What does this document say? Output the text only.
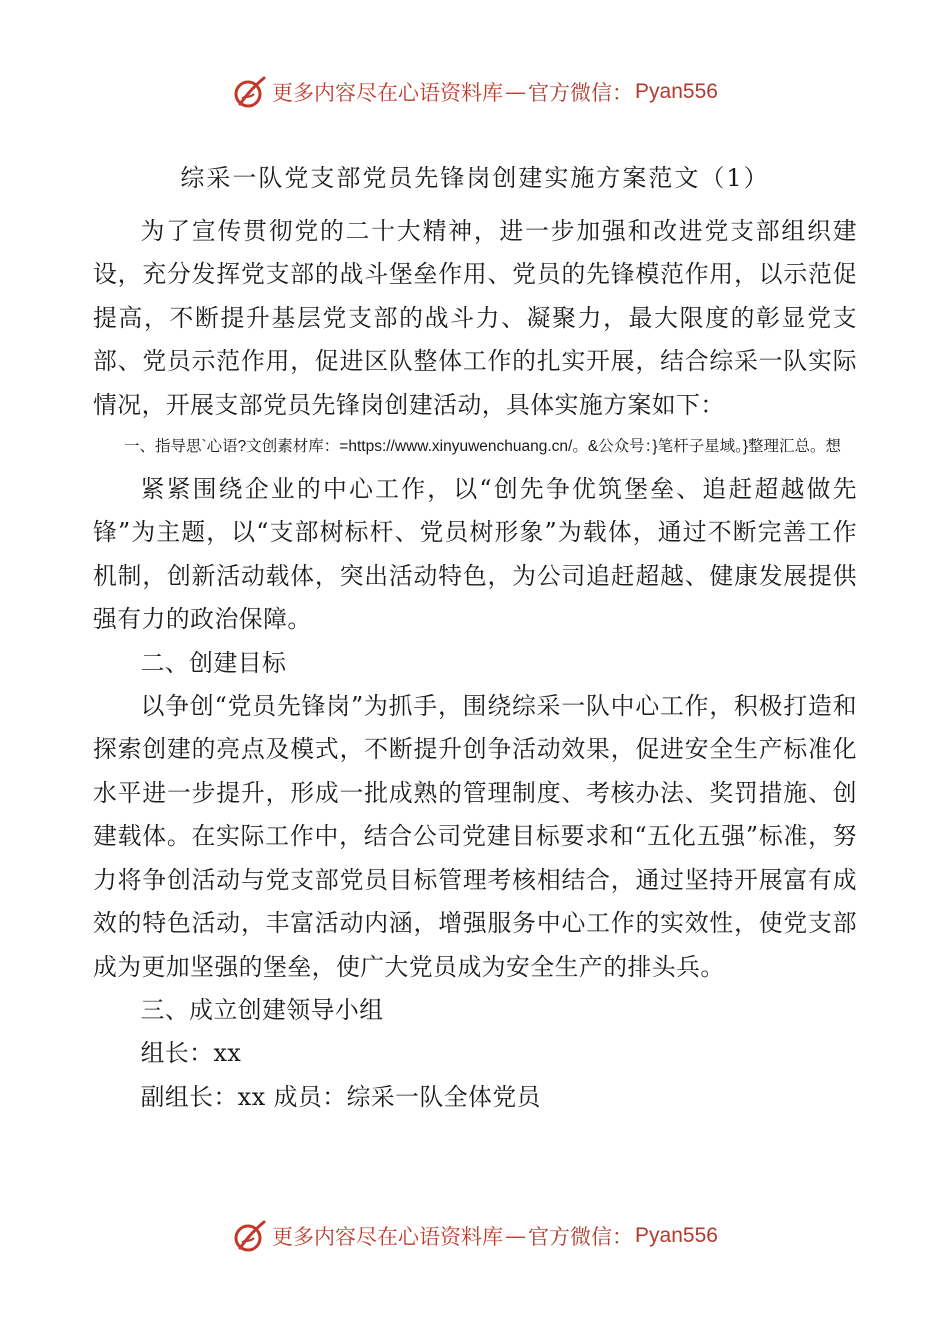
更多内容尽在心语资料库 — 官方微信： Pyan556
综采一队党支部党员先锋岗创建实施方案范文（1）

为了宣传贯彻党的二十大精神，进一步加强和改进党支部组织建设，充分发挥党支部的战斗堡垒作用、党员的先锋模范作用，以示范促提高，不断提升基层党支部的战斗力、凝聚力，最大限度的彰显党支部、党员示范作用，促进区队整体工作的扎实开展，结合综采一队实际情况，开展支部党员先锋岗创建活动，具体实施方案如下：

一、指导思`心语?文创素材库：=https://www.xinyuwenchuang.cn/。&公众号：}笔杆子星域。}整理汇总。想

紧紧围绕企业的中心工作，以“创先争优筑堡垒、追赶超越做先锋”为主题，以“支部树标杆、党员树形象”为载体，通过不断完善工作机制，创新活动载体，突出活动特色，为公司追赶超越、健康发展提供强有力的政治保障。

二、创建目标

以争创“党员先锋岗”为抓手，围绕综采一队中心工作，积极打造和探索创建的亮点及模式，不断提升创争活动效果，促进安全生产标准化水平进一步提升，形成一批成熟的管理制度、考核办法、奖罚措施、创建载体。在实际工作中，结合公司党建目标要求和“五化五强”标准，努力将争创活动与党支部党员目标管理考核相结合，通过坚持开展富有成效的特色活动，丰富活动内涵，增强服务中心工作的实效性，使党支部成为更加坚强的堡垒，使广大党员成为安全生产的排头兵。

三、成立创建领导小组

组长：xx

副组长：xx 成员：综采一队全体党员

更多内容尽在心语资料库 — 官方微信： Pyan556
